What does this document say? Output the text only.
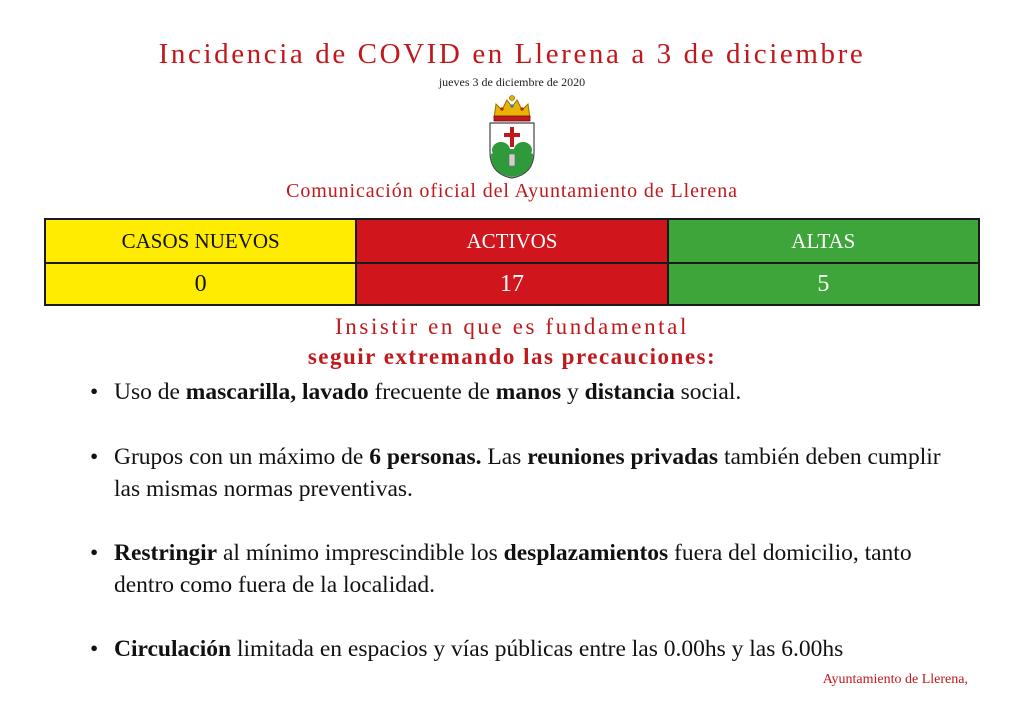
Incidencia de COVID en Llerena a 3 de diciembre
jueves 3 de diciembre de 2020
Comunicación oficial del Ayuntamiento de Llerena
CASOS NUEVOS	ACTIVOS	ALTAS
0	17	5
Insistir en que es fundamental
seguir extremando las precauciones:
• Uso de mascarilla, lavado frecuente de manos y distancia social.
• Grupos con un máximo de 6 personas. Las reuniones privadas también deben cumplir las mismas normas preventivas.
• Restringir al mínimo imprescindible los desplazamientos fuera del domicilio, tanto dentro como fuera de la localidad.
• Circulación limitada en espacios y vías públicas entre las 0.00hs y las 6.00hs
Ayuntamiento de Llerena,
